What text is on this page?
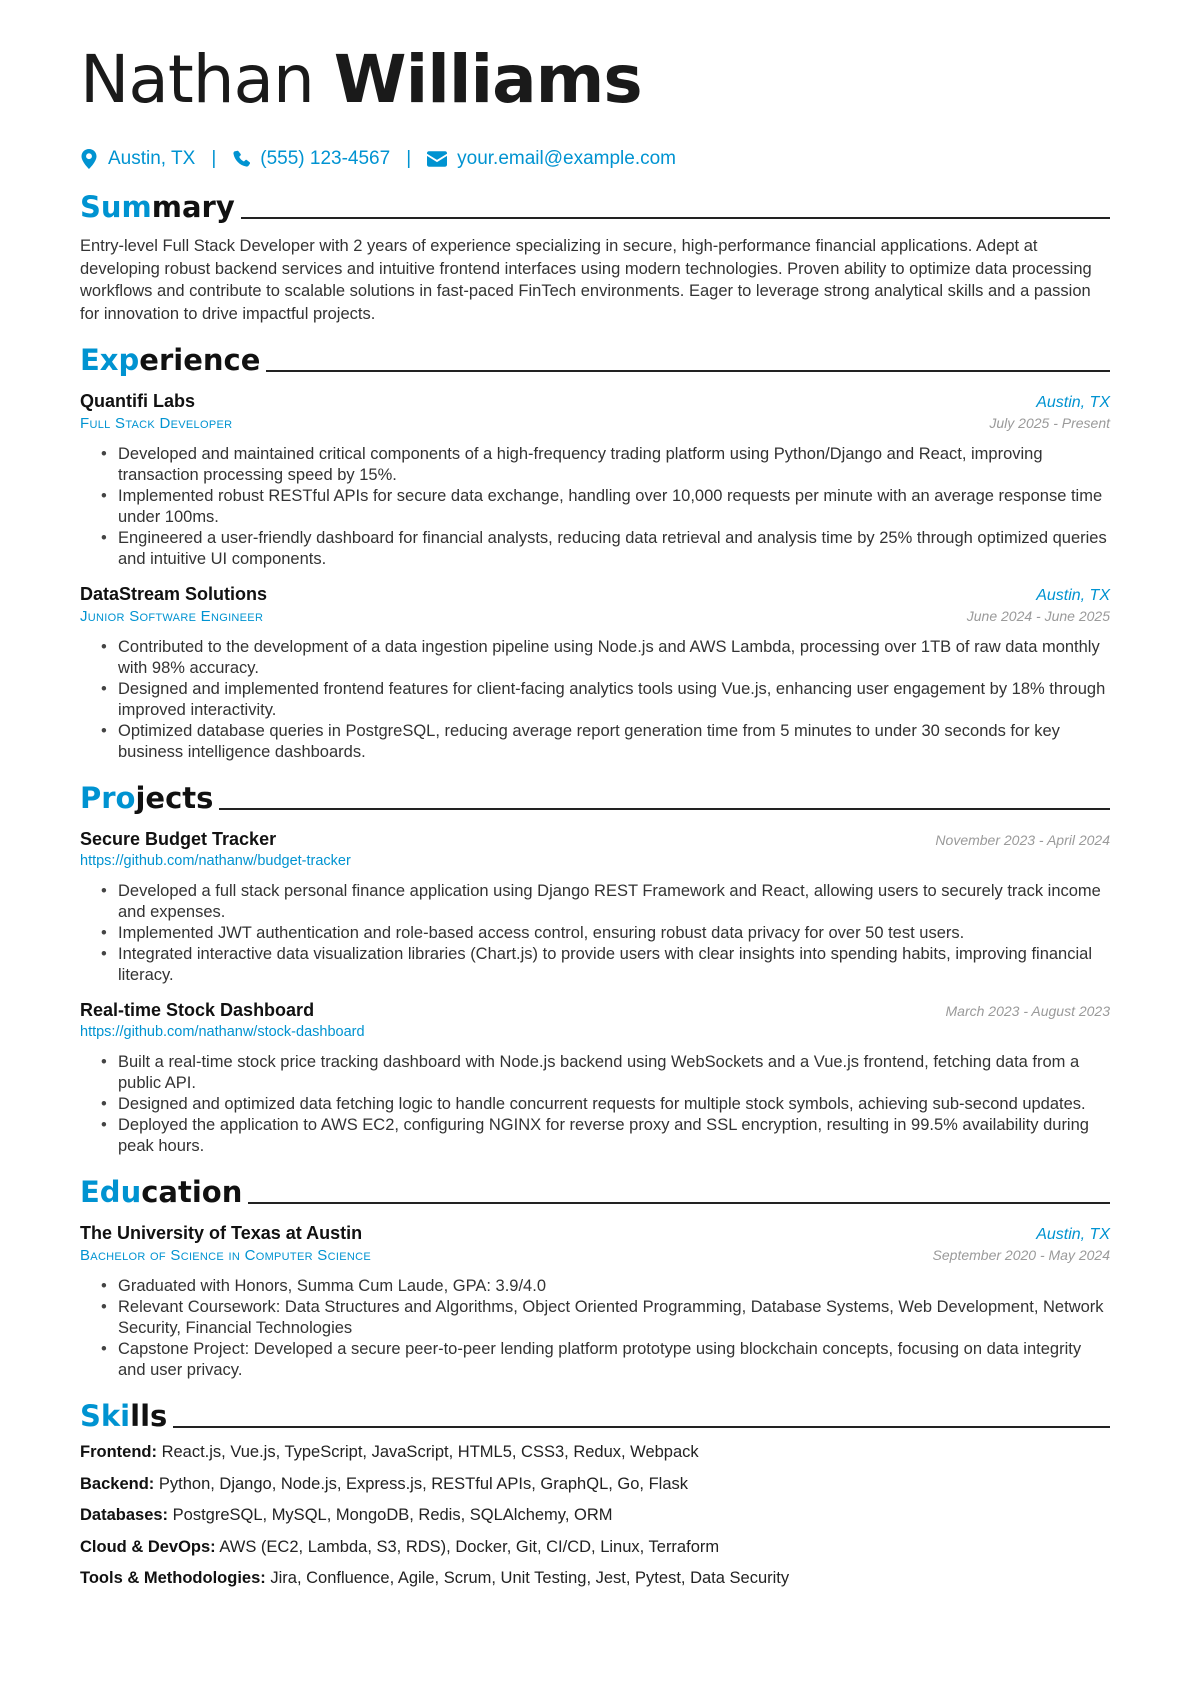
Nathan Williams
Austin, TX | (555) 123-4567 | your.email@example.com
Summary
Entry-level Full Stack Developer with 2 years of experience specializing in secure, high-performance financial applications. Adept at developing robust backend services and intuitive frontend interfaces using modern technologies. Proven ability to optimize data processing workflows and contribute to scalable solutions in fast-paced FinTech environments. Eager to leverage strong analytical skills and a passion for innovation to drive impactful projects.
Experience
Quantifi Labs	Austin, TX
Full Stack Developer	July 2025 - Present
• Developed and maintained critical components of a high-frequency trading platform using Python/Django and React, improving transaction processing speed by 15%.
• Implemented robust RESTful APIs for secure data exchange, handling over 10,000 requests per minute with an average response time under 100ms.
• Engineered a user-friendly dashboard for financial analysts, reducing data retrieval and analysis time by 25% through optimized queries and intuitive UI components.
DataStream Solutions	Austin, TX
Junior Software Engineer	June 2024 - June 2025
• Contributed to the development of a data ingestion pipeline using Node.js and AWS Lambda, processing over 1TB of raw data monthly with 98% accuracy.
• Designed and implemented frontend features for client-facing analytics tools using Vue.js, enhancing user engagement by 18% through improved interactivity.
• Optimized database queries in PostgreSQL, reducing average report generation time from 5 minutes to under 30 seconds for key business intelligence dashboards.
Projects
Secure Budget Tracker	November 2023 - April 2024
https://github.com/nathanw/budget-tracker
• Developed a full stack personal finance application using Django REST Framework and React, allowing users to securely track income and expenses.
• Implemented JWT authentication and role-based access control, ensuring robust data privacy for over 50 test users.
• Integrated interactive data visualization libraries (Chart.js) to provide users with clear insights into spending habits, improving financial literacy.
Real-time Stock Dashboard	March 2023 - August 2023
https://github.com/nathanw/stock-dashboard
• Built a real-time stock price tracking dashboard with Node.js backend using WebSockets and a Vue.js frontend, fetching data from a public API.
• Designed and optimized data fetching logic to handle concurrent requests for multiple stock symbols, achieving sub-second updates.
• Deployed the application to AWS EC2, configuring NGINX for reverse proxy and SSL encryption, resulting in 99.5% availability during peak hours.
Education
The University of Texas at Austin	Austin, TX
Bachelor of Science in Computer Science	September 2020 - May 2024
• Graduated with Honors, Summa Cum Laude, GPA: 3.9/4.0
• Relevant Coursework: Data Structures and Algorithms, Object Oriented Programming, Database Systems, Web Development, Network Security, Financial Technologies
• Capstone Project: Developed a secure peer-to-peer lending platform prototype using blockchain concepts, focusing on data integrity and user privacy.
Skills
Frontend: React.js, Vue.js, TypeScript, JavaScript, HTML5, CSS3, Redux, Webpack
Backend: Python, Django, Node.js, Express.js, RESTful APIs, GraphQL, Go, Flask
Databases: PostgreSQL, MySQL, MongoDB, Redis, SQLAlchemy, ORM
Cloud & DevOps: AWS (EC2, Lambda, S3, RDS), Docker, Git, CI/CD, Linux, Terraform
Tools & Methodologies: Jira, Confluence, Agile, Scrum, Unit Testing, Jest, Pytest, Data Security
